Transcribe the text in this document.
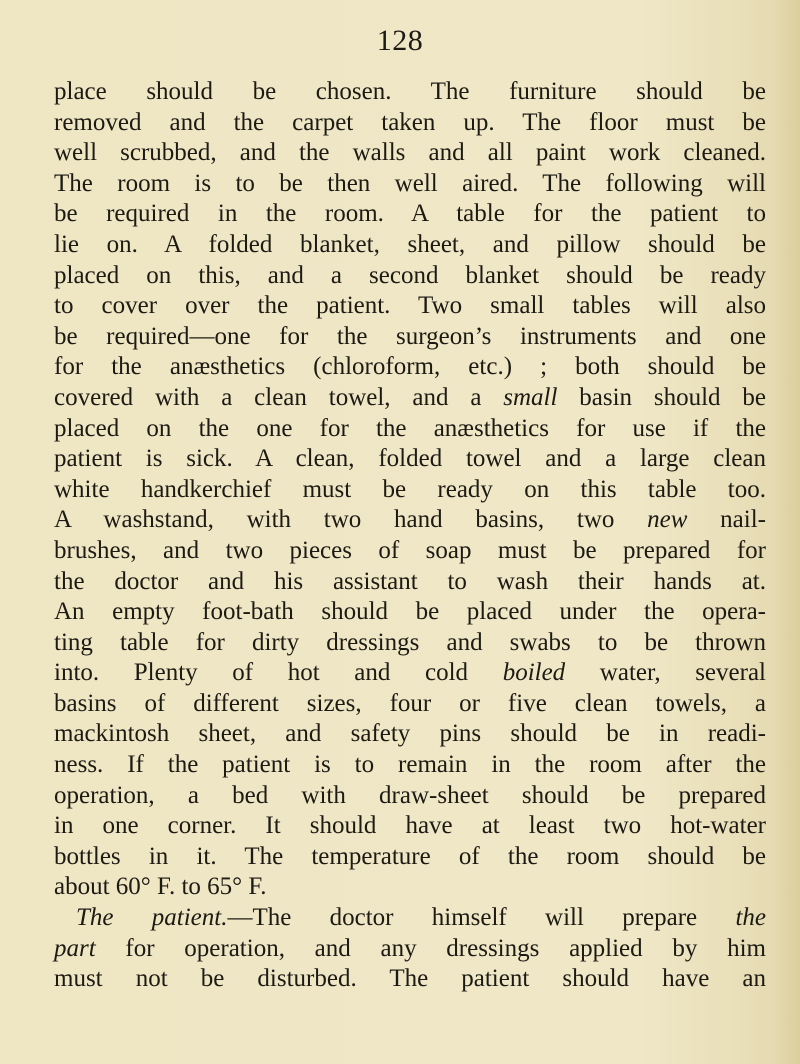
128

place should be chosen. The furniture should be
removed and the carpet taken up. The floor must be
well scrubbed, and the walls and all paint work cleaned.
The room is to be then well aired. The following will
be required in the room. A table for the patient to
lie on. A folded blanket, sheet, and pillow should be
placed on this, and a second blanket should be ready
to cover over the patient. Two small tables will also
be required—one for the surgeon’s instruments and one
for the anæsthetics (chloroform, etc.) ; both should be
covered with a clean towel, and a small basin should be
placed on the one for the anæsthetics for use if the
patient is sick. A clean, folded towel and a large clean
white handkerchief must be ready on this table too.
A washstand, with two hand basins, two new nail-
brushes, and two pieces of soap must be prepared for
the doctor and his assistant to wash their hands at.
An empty foot-bath should be placed under the opera-
ting table for dirty dressings and swabs to be thrown
into. Plenty of hot and cold boiled water, several
basins of different sizes, four or five clean towels, a
mackintosh sheet, and safety pins should be in readi-
ness. If the patient is to remain in the room after the
operation, a bed with draw-sheet should be prepared
in one corner. It should have at least two hot-water
bottles in it. The temperature of the room should be
about 60° F. to 65° F.
The patient.—The doctor himself will prepare the
part for operation, and any dressings applied by him
must not be disturbed. The patient should have an
